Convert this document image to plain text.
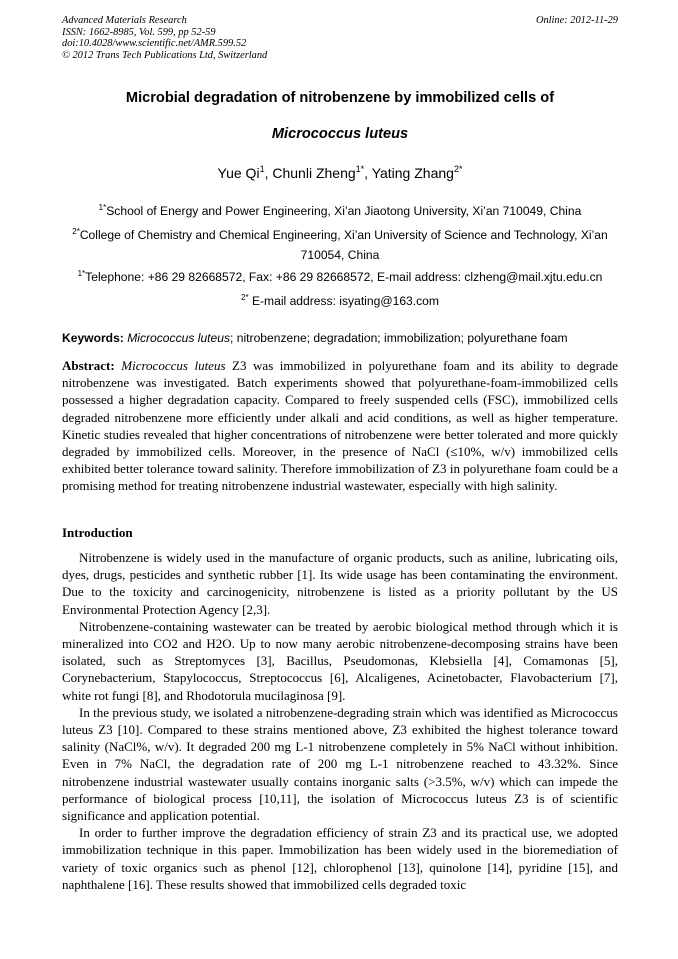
Advanced Materials Research
ISSN: 1662-8985, Vol. 599, pp 52-59
doi:10.4028/www.scientific.net/AMR.599.52
© 2012 Trans Tech Publications Ltd, Switzerland
Online: 2012-11-29
Microbial degradation of nitrobenzene by immobilized cells of
Micrococcus luteus
Yue Qi$^1$, Chunli Zheng$^{1*}$, Yating Zhang$^{2*}$
$^{1*}$School of Energy and Power Engineering, Xi’an Jiaotong University, Xi’an 710049, China
$^{2*}$College of Chemistry and Chemical Engineering, Xi’an University of Science and Technology, Xi’an 710054, China
$^{1*}$Telephone: +86 29 82668572, Fax: +86 29 82668572, E-mail address: clzheng@mail.xjtu.edu.cn
$^{2*}$ E-mail address: isyating@163.com
Keywords: Micrococcus luteus; nitrobenzene; degradation; immobilization; polyurethane foam
Abstract: Micrococcus luteus Z3 was immobilized in polyurethane foam and its ability to degrade nitrobenzene was investigated. Batch experiments showed that polyurethane-foam-immobilized cells possessed a higher degradation capacity. Compared to freely suspended cells (FSC), immobilized cells degraded nitrobenzene more efficiently under alkali and acid conditions, as well as higher temperature. Kinetic studies revealed that higher concentrations of nitrobenzene were better tolerated and more quickly degraded by immobilized cells. Moreover, in the presence of NaCl (≤10%, w/v) immobilized cells exhibited better tolerance toward salinity. Therefore immobilization of Z3 in polyurethane foam could be a promising method for treating nitrobenzene industrial wastewater, especially with high salinity.
Introduction

Nitrobenzene is widely used in the manufacture of organic products, such as aniline, lubricating oils, dyes, drugs, pesticides and synthetic rubber [1]. Its wide usage has been contaminating the environment. Due to the toxicity and carcinogenicity, nitrobenzene is listed as a priority pollutant by the US Environmental Protection Agency [2,3].

Nitrobenzene-containing wastewater can be treated by aerobic biological method through which it is mineralized into CO2 and H2O. Up to now many aerobic nitrobenzene-decomposing strains have been isolated, such as Streptomyces [3], Bacillus, Pseudomonas, Klebsiella [4], Comamonas [5], Corynebacterium, Stapylococcus, Streptococcus [6], Alcaligenes, Acinetobacter, Flavobacterium [7], white rot fungi [8], and Rhodotorula mucilaginosa [9].

In the previous study, we isolated a nitrobenzene-degrading strain which was identified as Micrococcus luteus Z3 [10]. Compared to these strains mentioned above, Z3 exhibited the highest tolerance toward salinity (NaCl%, w/v). It degraded 200 mg L-1 nitrobenzene completely in 5% NaCl without inhibition. Even in 7% NaCl, the degradation rate of 200 mg L-1 nitrobenzene reached to 43.32%. Since nitrobenzene industrial wastewater usually contains inorganic salts (>3.5%, w/v) which can impede the performance of biological process [10,11], the isolation of Micrococcus luteus Z3 is of scientific significance and application potential.

In order to further improve the degradation efficiency of strain Z3 and its practical use, we adopted immobilization technique in this paper. Immobilization has been widely used in the bioremediation of variety of toxic organics such as phenol [12], chlorophenol [13], quinolone [14], pyridine [15], and naphthalene [16]. These results showed that immobilized cells degraded toxic
